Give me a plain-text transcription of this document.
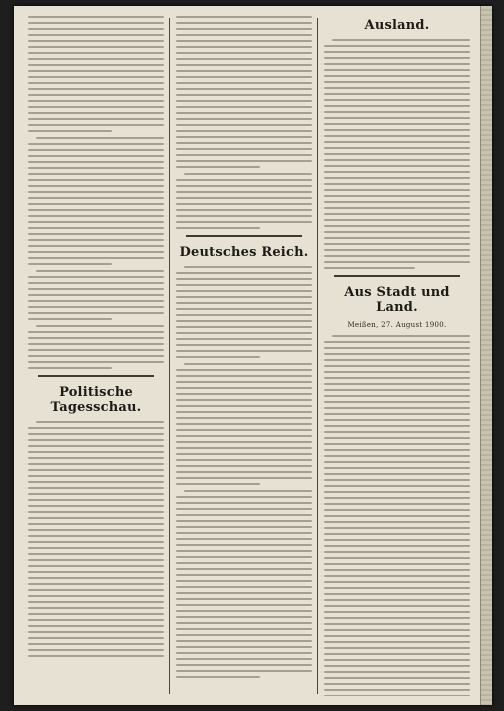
Politische Tagesschau.
Deutsches Reich.
Ausland.
Aus Stadt und Land.
Meißen, 27. August 1900.
